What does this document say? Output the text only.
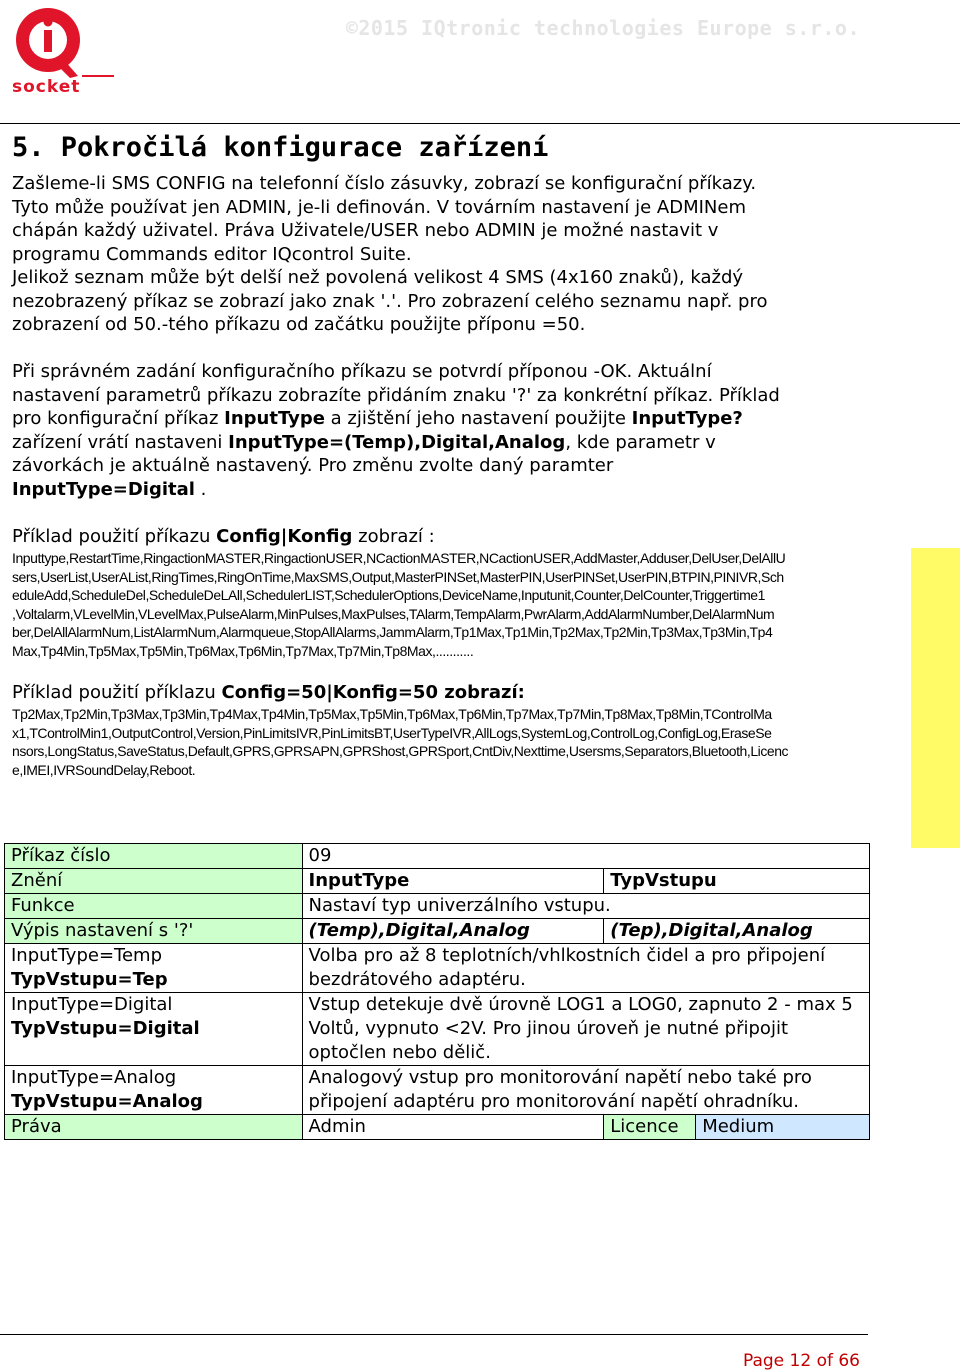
socket
©2015 IQtronic technologies Europe s.r.o.
5. Pokročilá konfigurace zařízení
Zašleme-li SMS CONFIG na telefonní číslo zásuvky, zobrazí se konfigurační příkazy.
Tyto může používat jen ADMIN, je-li definován. V továrním nastavení je ADMINem
chápán každý uživatel. Práva Uživatele/USER nebo ADMIN je možné nastavit v
programu Commands editor IQcontrol Suite.
Jelikož seznam může být delší než povolená velikost 4 SMS (4x160 znaků), každý
nezobrazený příkaz se zobrazí jako znak '.'. Pro zobrazení celého seznamu např. pro
zobrazení od 50.-tého příkazu od začátku použijte příponu =50.
Při správném zadání konfiguračního příkazu se potvrdí příponou -OK. Aktuální
nastavení parametrů příkazu zobrazíte přidáním znaku '?' za konkrétní příkaz. Příklad
pro konfigurační příkaz InputType a zjištění jeho nastavení použijte InputType?
zařízení vrátí nastaveni InputType=(Temp),Digital,Analog, kde parametr v
závorkách je aktuálně nastavený. Pro změnu zvolte daný paramter
InputType=Digital .
Příklad použití příkazu Config|Konfig zobrazí :
Inputtype,RestartTime,RingactionMASTER,RingactionUSER,NCactionMASTER,NCactionUSER,AddMaster,Adduser,DelUser,DelAllU
sers,UserList,UserAList,RingTimes,RingOnTime,MaxSMS,Output,MasterPINSet,MasterPIN,UserPINSet,UserPIN,BTPIN,PINIVR,Sch
eduleAdd,ScheduleDel,ScheduleDeLAll,SchedulerLIST,SchedulerOptions,DeviceName,Inputunit,Counter,DelCounter,Triggertime1
,Voltalarm,VLevelMin,VLevelMax,PulseAlarm,MinPulses,MaxPulses,TAlarm,TempAlarm,PwrAlarm,AddAlarmNumber,DelAlarmNum
ber,DelAllAlarmNum,ListAlarmNum,Alarmqueue,StopAllAlarms,JammAlarm,Tp1Max,Tp1Min,Tp2Max,Tp2Min,Tp3Max,Tp3Min,Tp4
Max,Tp4Min,Tp5Max,Tp5Min,Tp6Max,Tp6Min,Tp7Max,Tp7Min,Tp8Max,...........
Příklad použití příklazu Config=50|Konfig=50 zobrazí:
Tp2Max,Tp2Min,Tp3Max,Tp3Min,Tp4Max,Tp4Min,Tp5Max,Tp5Min,Tp6Max,Tp6Min,Tp7Max,Tp7Min,Tp8Max,Tp8Min,TControlMa
x1,TControlMin1,OutputControl,Version,PinLimitsIVR,PinLimitsBT,UserTypeIVR,AllLogs,SystemLog,ControlLog,ConfigLog,EraseSe
nsors,LongStatus,SaveStatus,Default,GPRS,GPRSAPN,GPRShost,GPRSport,CntDiv,Nexttime,Usersms,Separators,Bluetooth,Licenc
e,IMEI,IVRSoundDelay,Reboot.
Příkaz číslo	09		
Znění	InputType	TypVstupu	
Funkce	Nastaví typ univerzálního vstupu.		
Výpis nastavení s '?'	(Temp),Digital,Analog	(Tep),Digital,Analog	

InputType=Temp
TypVstupu=Tep	Volba pro až 8 teplotních/vhlkostních čidel a pro připojení bezdrátového adaptéru.		

InputType=Digital
TypVstupu=Digital	Vstup detekuje dvě úrovně LOG1 a LOG0, zapnuto 2 - max 5 Voltů, vypnuto <2V. Pro jinou úroveň je nutné připojit optočlen nebo dělič.		

InputType=Analog
TypVstupu=Analog	Analogový vstup pro monitorování napětí nebo také pro připojení adaptéru pro monitorování napětí ohradníku.		
Práva	Admin	Licence	Medium
Page 12 of 66
